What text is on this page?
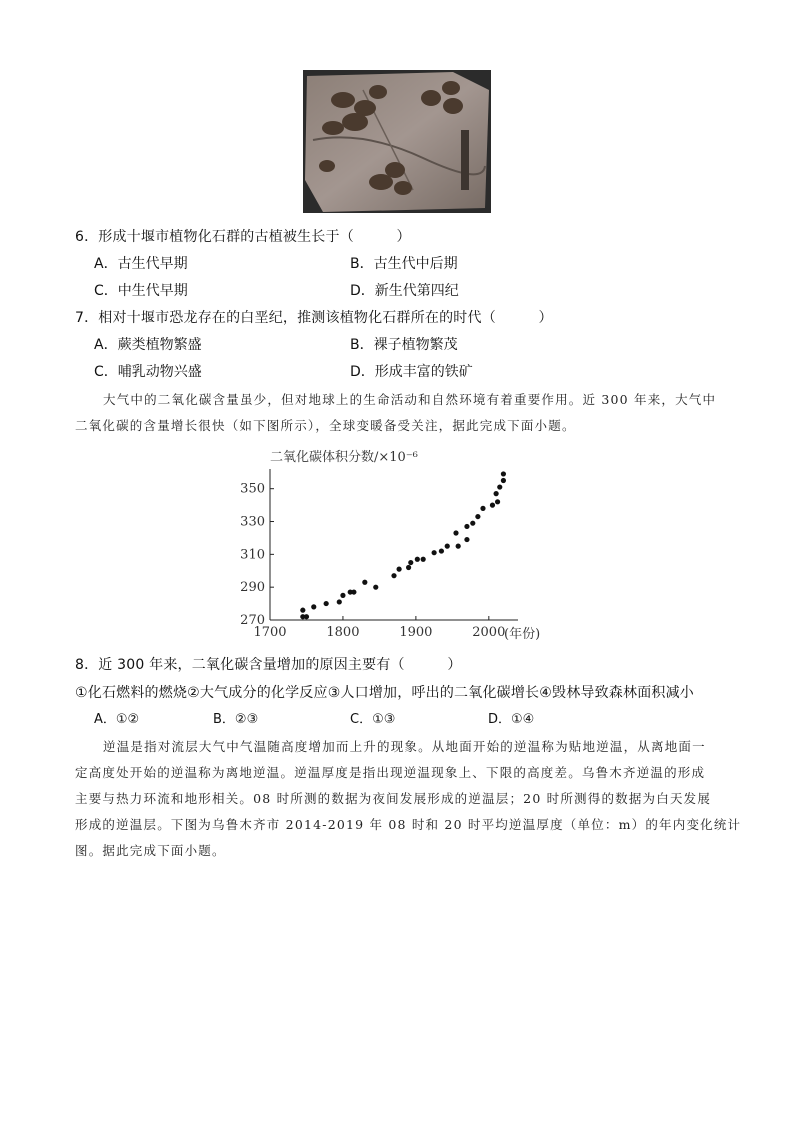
6．形成十堰市植物化石群的古植被生长于（　　　）
A．古生代早期	B．古生代中后期
C．中生代早期	D．新生代第四纪
7．相对十堰市恐龙存在的白垩纪，推测该植物化石群所在的时代（　　　）
A．蕨类植物繁盛	B．裸子植物繁茂
C．哺乳动物兴盛	D．形成丰富的铁矿
大气中的二氧化碳含量虽少，但对地球上的生命活动和自然环境有着重要作用。近 300 年来，大气中
二氧化碳的含量增长很快（如下图所示），全球变暖备受关注，据此完成下面小题。
二氧化碳体积分数/×10⁻⁶
270
290
310
330
350
1700	1800	1900	2000
(年份)
8．近 300 年来，二氧化碳含量增加的原因主要有（　　　）
①化石燃料的燃烧②大气成分的化学反应③人口增加，呼出的二氧化碳增长④毁林导致森林面积减小
A．①②	B．②③	C．①③	D．①④
逆温是指对流层大气中气温随高度增加而上升的现象。从地面开始的逆温称为贴地逆温，从离地面一
定高度处开始的逆温称为离地逆温。逆温厚度是指出现逆温现象上、下限的高度差。乌鲁木齐逆温的形成
主要与热力环流和地形相关。08 时所测的数据为夜间发展形成的逆温层；20 时所测得的数据为白天发展
形成的逆温层。下图为乌鲁木齐市 2014-2019 年 08 时和 20 时平均逆温厚度（单位：m）的年内变化统计
图。据此完成下面小题。
